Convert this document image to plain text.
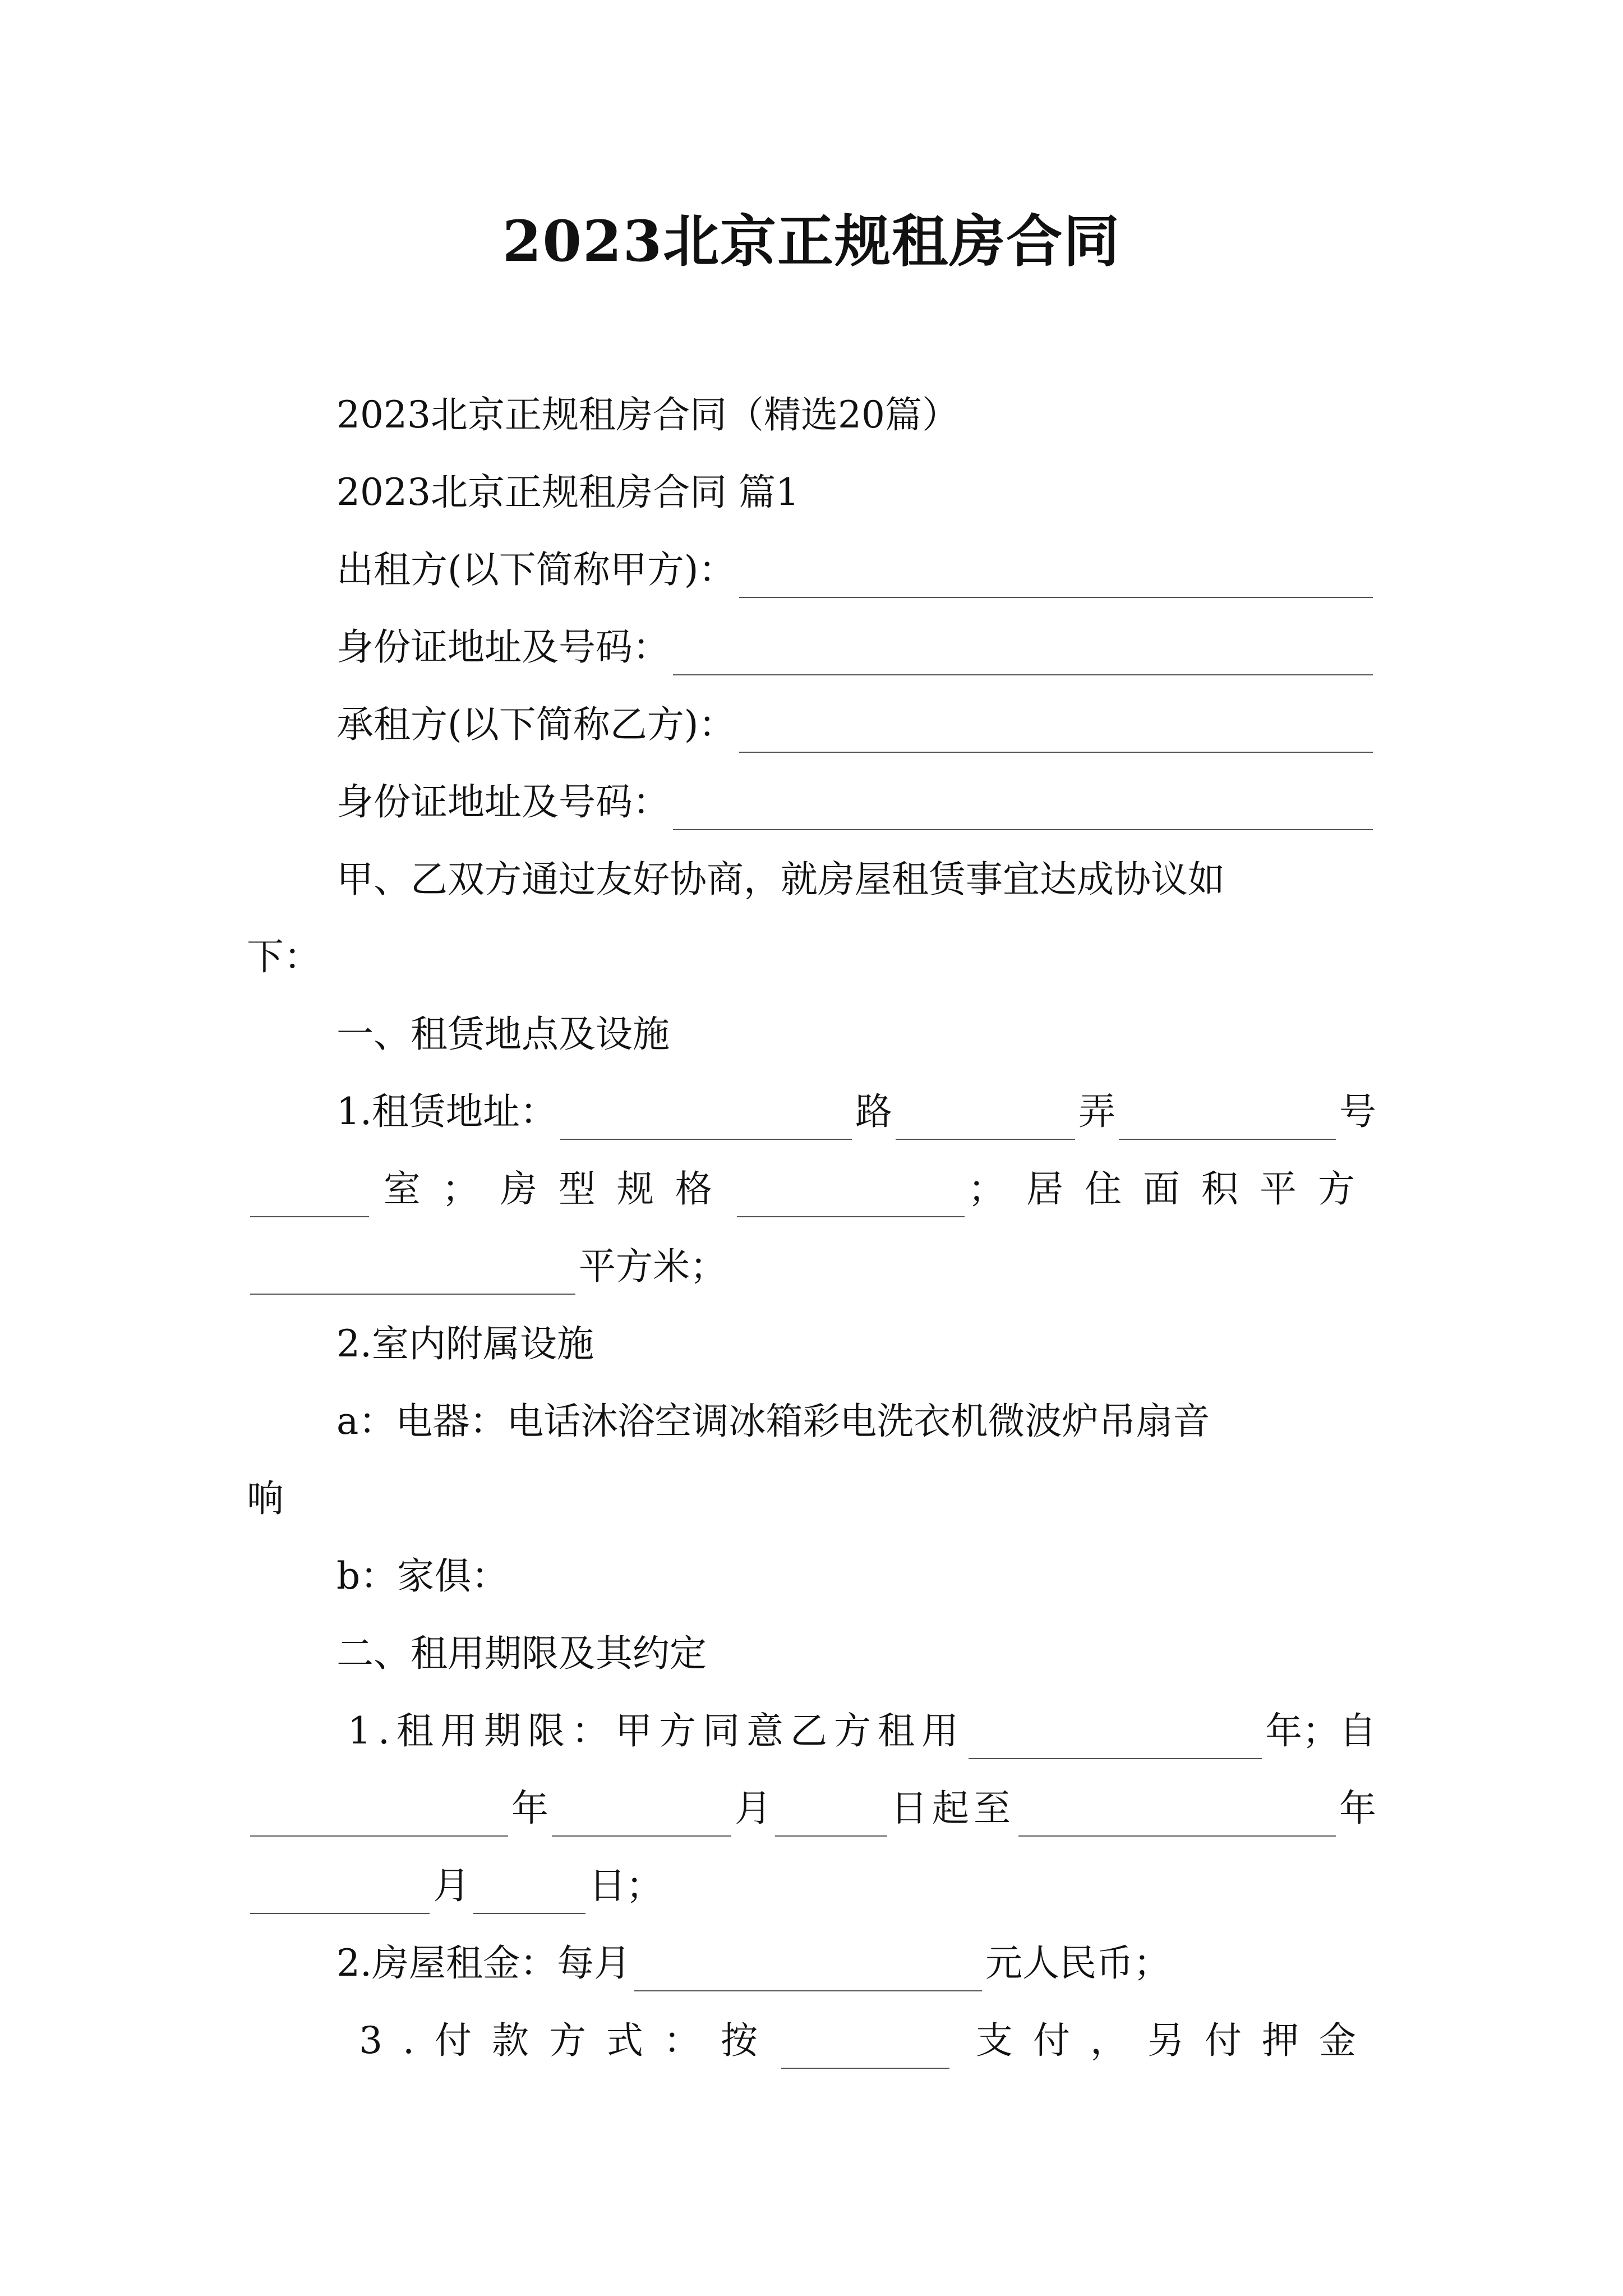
2023北京正规租房合同
2023北京正规租房合同（精选20篇）
2023北京正规租房合同 篇1
出租方(以下简称甲方)：
身份证地址及号码：
承租方(以下简称乙方)：
身份证地址及号码：
甲、乙双方通过友好协商，就房屋租赁事宜达成协议如
下：
一、租赁地点及设施
1.租赁地址：	路	弄	号
室；房型规格	；居住面积平方
平方米；
2.室内附属设施
a：电器：电话沐浴空调冰箱彩电洗衣机微波炉吊扇音
响
b：家俱：
二、租用期限及其约定
1.租用期限：甲方同意乙方租用	年；自
年	月	日起至	年
月	日；
2.房屋租金：每月	元人民币；
3.付款方式：按	支付，另付押金
